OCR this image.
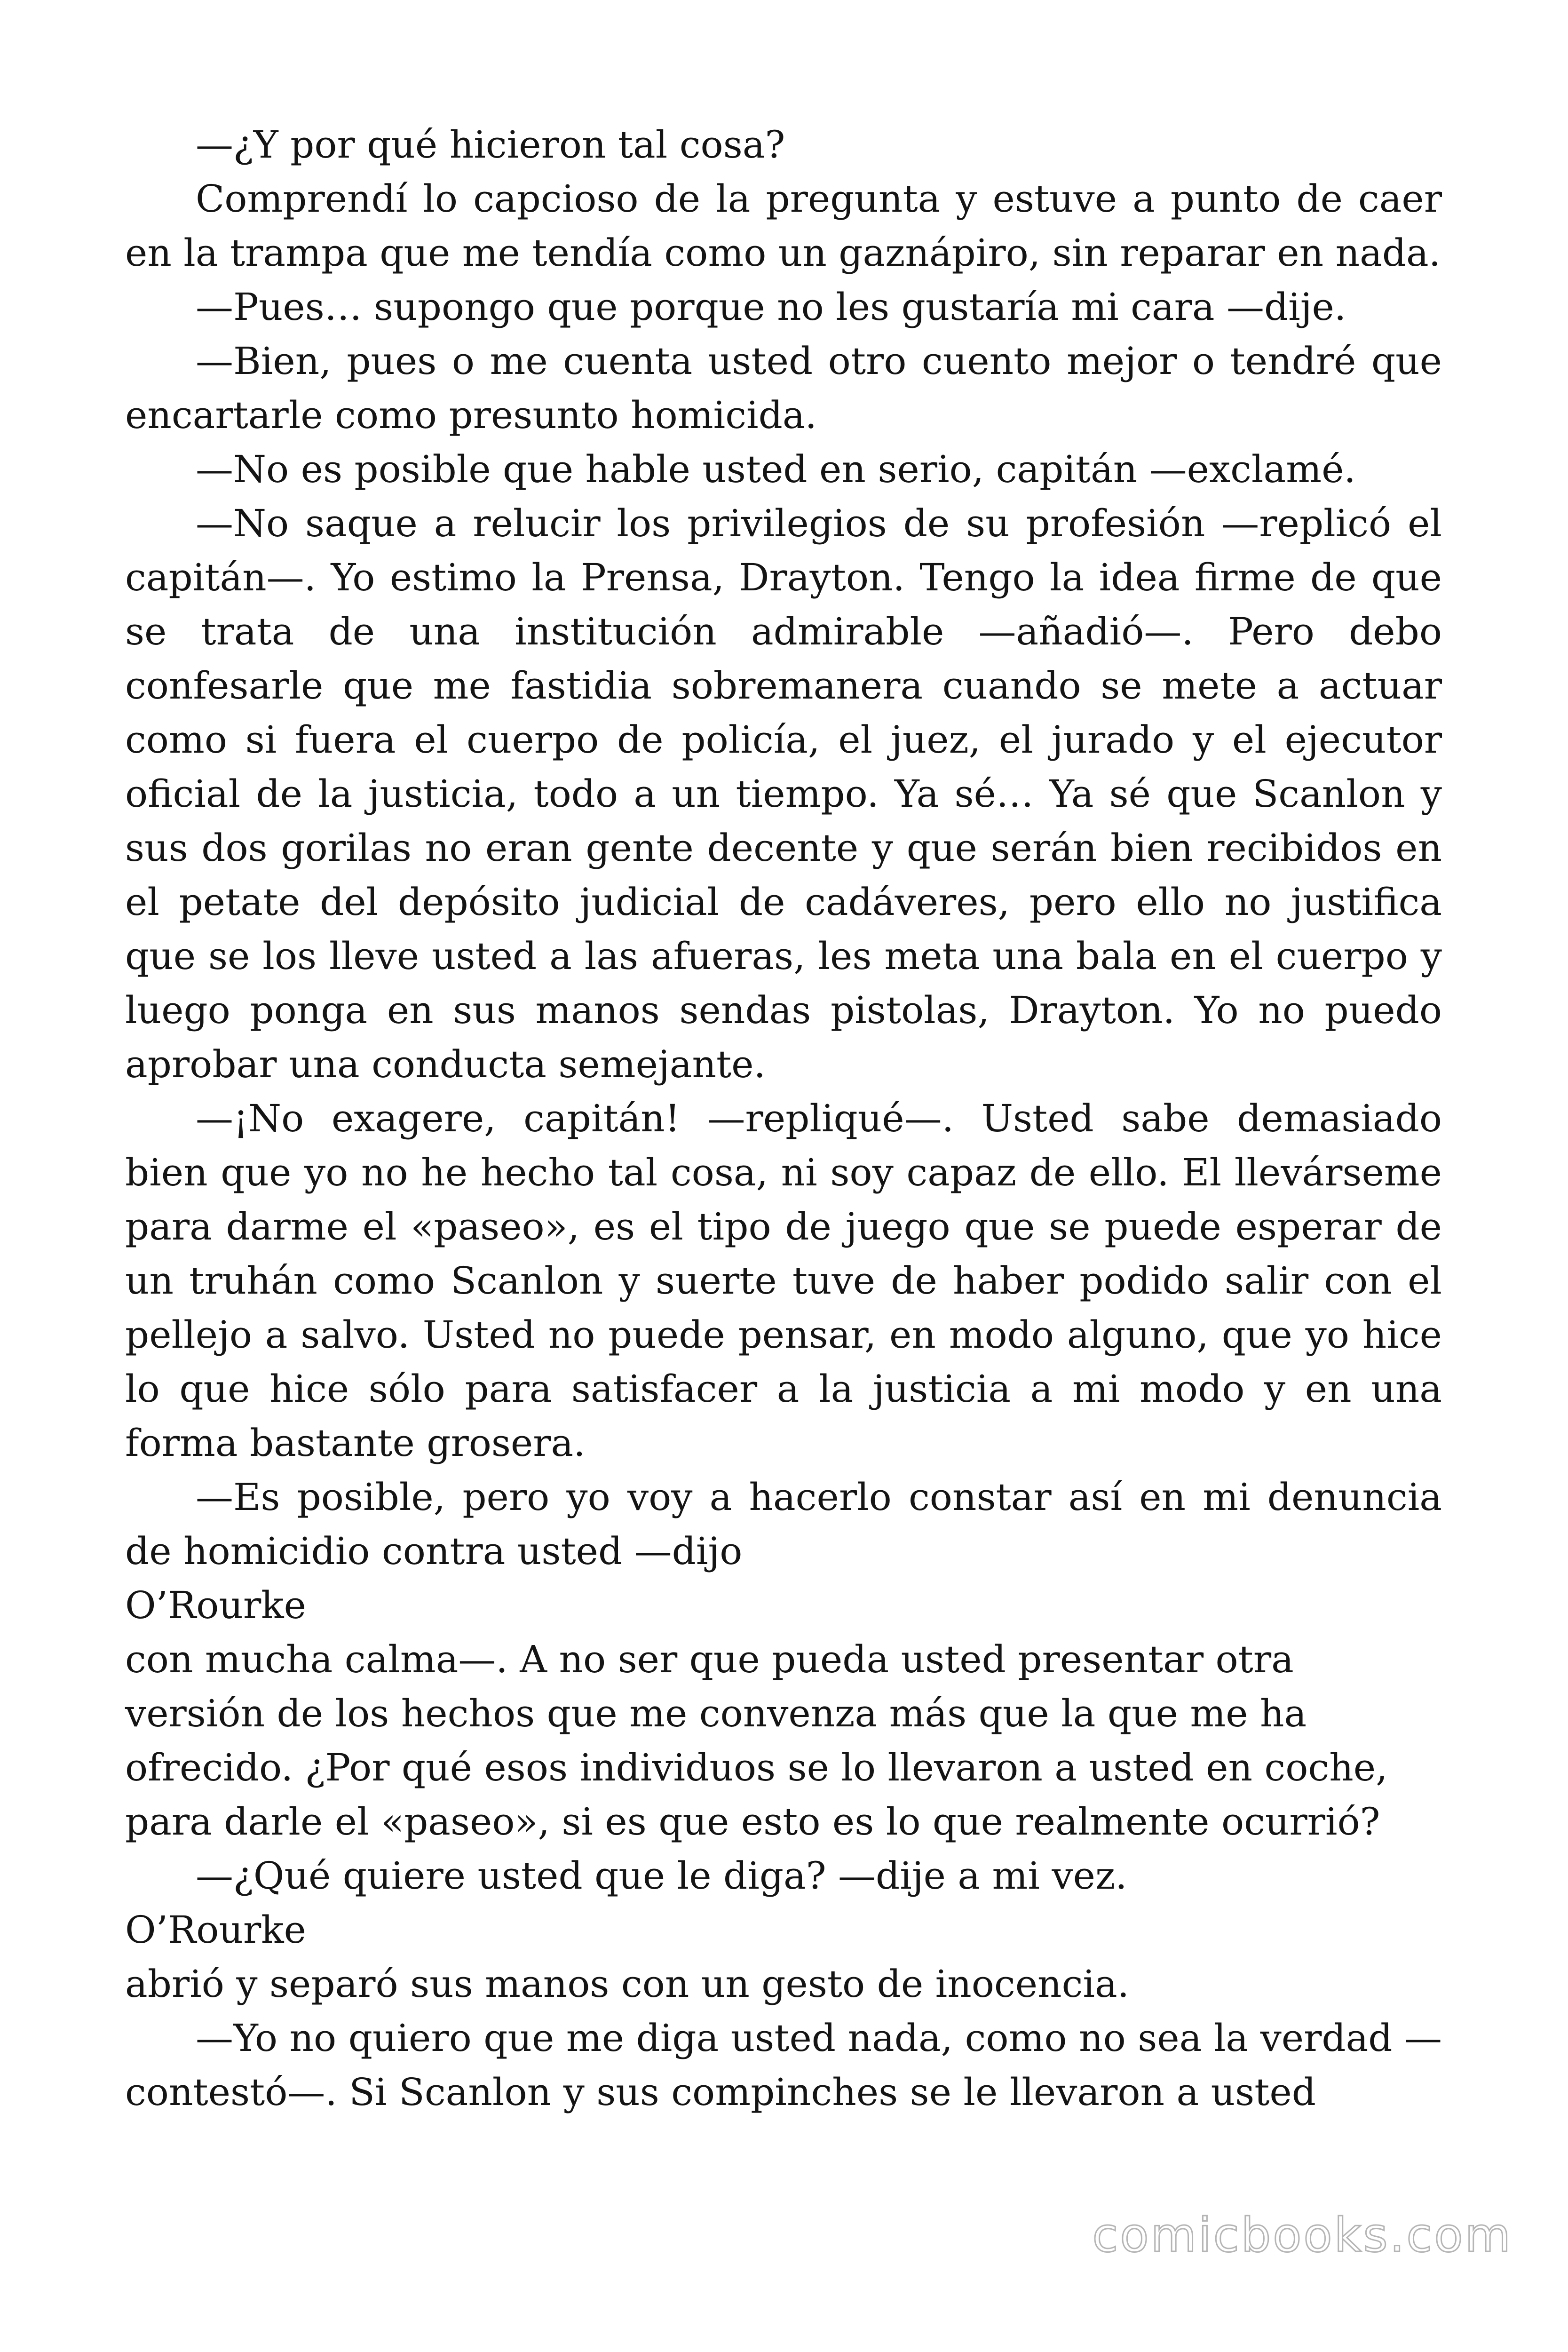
—¿Y por qué hicieron tal cosa?

Comprendí lo capcioso de la pregunta y estuve a punto de caer en la trampa que me tendía como un gaznápiro, sin reparar en nada.

—Pues… supongo que porque no les gustaría mi cara —dije.

—Bien, pues o me cuenta usted otro cuento mejor o tendré que encartarle como presunto homicida.

—No es posible que hable usted en serio, capitán —exclamé.

—No saque a relucir los privilegios de su profesión —replicó el capitán—. Yo estimo la Prensa, Drayton. Tengo la idea firme de que se trata de una institución admirable —añadió—. Pero debo confesarle que me fastidia sobremanera cuando se mete a actuar como si fuera el cuerpo de policía, el juez, el jurado y el ejecutor oficial de la justicia, todo a un tiempo. Ya sé… Ya sé que Scanlon y sus dos gorilas no eran gente decente y que serán bien recibidos en el petate del depósito judicial de cadáveres, pero ello no justifica que se los lleve usted a las afueras, les meta una bala en el cuerpo y luego ponga en sus manos sendas pistolas, Drayton. Yo no puedo aprobar una conducta semejante.

—¡No exagere, capitán! —repliqué—. Usted sabe demasiado bien que yo no he hecho tal cosa, ni soy capaz de ello. El llevárseme para darme el «paseo», es el tipo de juego que se puede esperar de un truhán como Scanlon y suerte tuve de haber podido salir con el pellejo a salvo. Usted no puede pensar, en modo alguno, que yo hice lo que hice sólo para satisfacer a la justicia a mi modo y en una forma bastante grosera.

—Es posible, pero yo voy a hacerlo constar así en mi denuncia de homicidio contra usted —dijo

O’Rourke

con mucha calma—. A no ser que pueda usted presentar otra versión de los hechos que me convenza más que la que me ha ofrecido. ¿Por qué esos individuos se lo llevaron a usted en coche, para darle el «paseo», si es que esto es lo que realmente ocurrió?

—¿Qué quiere usted que le diga? —dije a mi vez.

O’Rourke

abrió y separó sus manos con un gesto de inocencia.

—Yo no quiero que me diga usted nada, como no sea la verdad —contestó—. Si Scanlon y sus compinches se le llevaron a usted

comicbooks.com
